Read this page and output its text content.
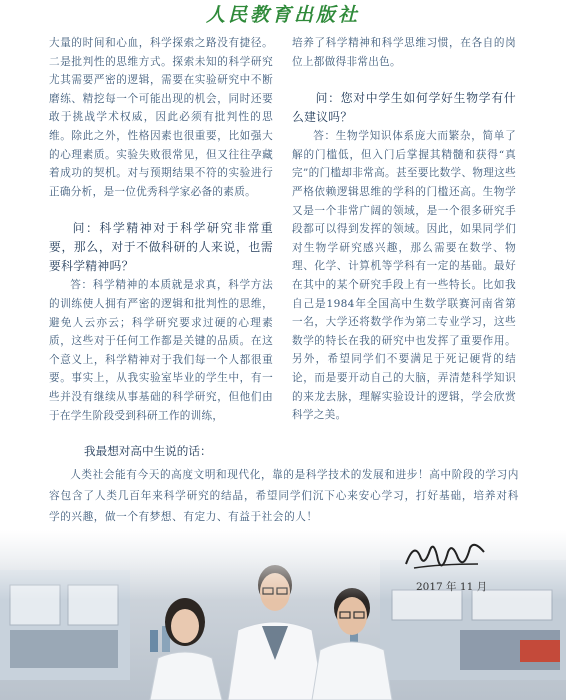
人民教育出版社

大量的时间和心血，科学探索之路没有捷径。二是批判性的思维方式。探索未知的科学研究尤其需要严密的逻辑，需要在实验研究中不断磨练、精挖每一个可能出现的机会，同时还要敢于挑战学术权威，因此必须有批判性的思维。除此之外，性格因素也很重要，比如强大的心理素质。实验失败很常见，但又往往孕藏着成功的契机。对与预期结果不符的实验进行正确分析，是一位优秀科学家必备的素质。

问：科学精神对于科学研究非常重要，那么，对于不做科研的人来说，也需要科学精神吗？

答：科学精神的本质就是求真，科学方法的训练使人拥有严密的逻辑和批判性的思维，避免人云亦云；科学研究要求过硬的心理素质，这些对于任何工作都是关键的品质。在这个意义上，科学精神对于我们每一个人都很重要。事实上，从我实验室毕业的学生中，有一些并没有继续从事基础的科学研究，但他们由于在学生阶段受到科研工作的训练，

培养了科学精神和科学思维习惯，在各自的岗位上都做得非常出色。

问：您对中学生如何学好生物学有什么建议吗？

答：生物学知识体系庞大而繁杂，简单了解的门槛低，但入门后掌握其精髓和获得“真完”的门槛却非常高。甚至要比数学、物理这些严格依赖逻辑思维的学科的门槛还高。生物学又是一个非常广阔的领域，是一个很多研究手段都可以得到发挥的领域。因此，如果同学们对生物学研究感兴趣，那么需要在数学、物理、化学、计算机等学科有一定的基础。最好在其中的某个研究手段上有一些特长。比如我自己是1984年全国高中生数学联赛河南省第一名，大学还将数学作为第二专业学习，这些数学的特长在我的研究中也发挥了重要作用。另外，希望同学们不要满足于死记硬背的结论，而是要开动自己的大脑，弄清楚科学知识的来龙去脉，理解实验设计的逻辑，学会欣赏科学之美。

我最想对高中生说的话：
人类社会能有今天的高度文明和现代化，靠的是科学技术的发展和进步！高中阶段的学习内容包含了人类几百年来科学研究的结晶，希望同学们沉下心来安心学习，打好基础，培养对科学的兴趣，做一个有梦想、有定力、有益于社会的人！
2017 年 11 月
